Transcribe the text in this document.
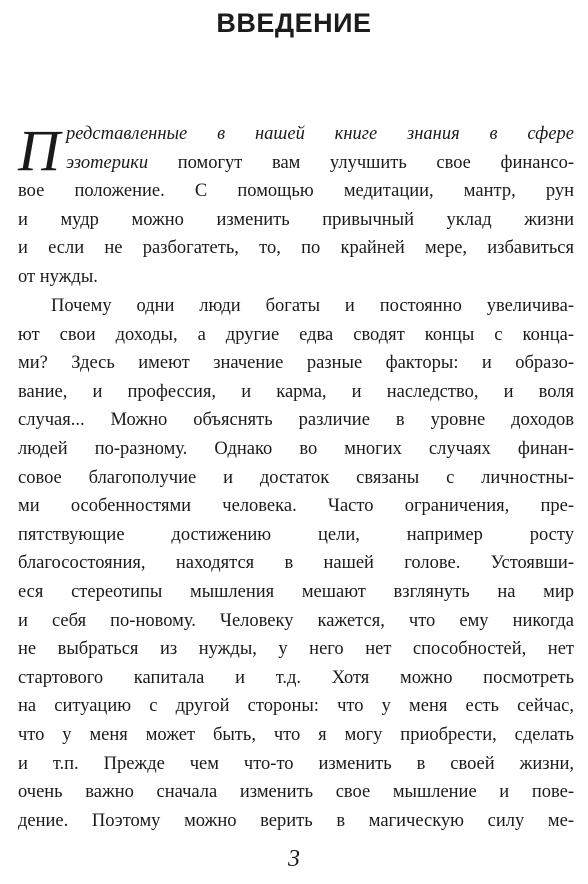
ВВЕДЕНИЕ
П редставленные в нашей книге знания в сфере
эзотерики помогут вам улучшить свое финансо-
вое положение. С помощью медитации, мантр, рун
и мудр можно изменить привычный уклад жизни
и если не разбогатеть, то, по крайней мере, избавиться
от нужды.
Почему одни люди богаты и постоянно увеличива-
ют свои доходы, а другие едва сводят концы с конца-
ми? Здесь имеют значение разные факторы: и образо-
вание, и профессия, и карма, и наследство, и воля
случая... Можно объяснять различие в уровне доходов
людей по-разному. Однако во многих случаях финан-
совое благополучие и достаток связаны с личностны-
ми особенностями человека. Часто ограничения, пре-
пятствующие достижению цели, например росту
благосостояния, находятся в нашей голове. Устоявши-
еся стереотипы мышления мешают взглянуть на мир
и себя по-новому. Человеку кажется, что ему никогда
не выбраться из нужды, у него нет способностей, нет
стартового капитала и т.д. Хотя можно посмотреть
на ситуацию с другой стороны: что у меня есть сейчас,
что у меня может быть, что я могу приобрести, сделать
и т.п. Прежде чем что-то изменить в своей жизни,
очень важно сначала изменить свое мышление и пове-
дение. Поэтому можно верить в магическую силу ме-
3
